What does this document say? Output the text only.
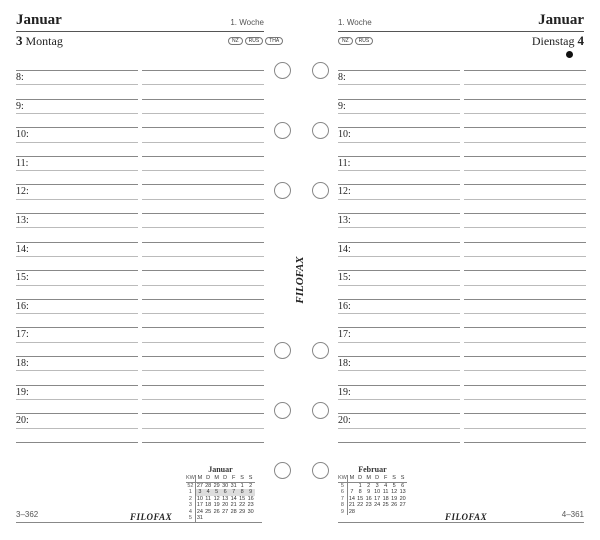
Januar	1. Woche
3 Montag	NZ	RUS	THA
8:
9:
10:
11:
12:
13:
14:
15:
16:
17:
18:
19:
20:
Januar
KW	M	D	M	D	F	S	S
52	27	28	29	30	31	1	2
1	3	4	5	6	7	8	9
2	10	11	12	13	14	15	16
3	17	18	19	20	21	22	23
4	24	25	26	27	28	29	30
5	31						
3–362	FILOFAX
1. Woche	Januar
Dienstag 4
NZ	RUS
8:
9:
10:
11:
12:
13:
14:
15:
16:
17:
18:
19:
20:
Februar
KW	M	D	M	D	F	S	S
5		1	2	3	4	5	6
6	7	8	9	10	11	12	13
7	14	15	16	17	18	19	20
8	21	22	23	24	25	26	27
9	28						
FILOFAX	4–361
FILOFAX
